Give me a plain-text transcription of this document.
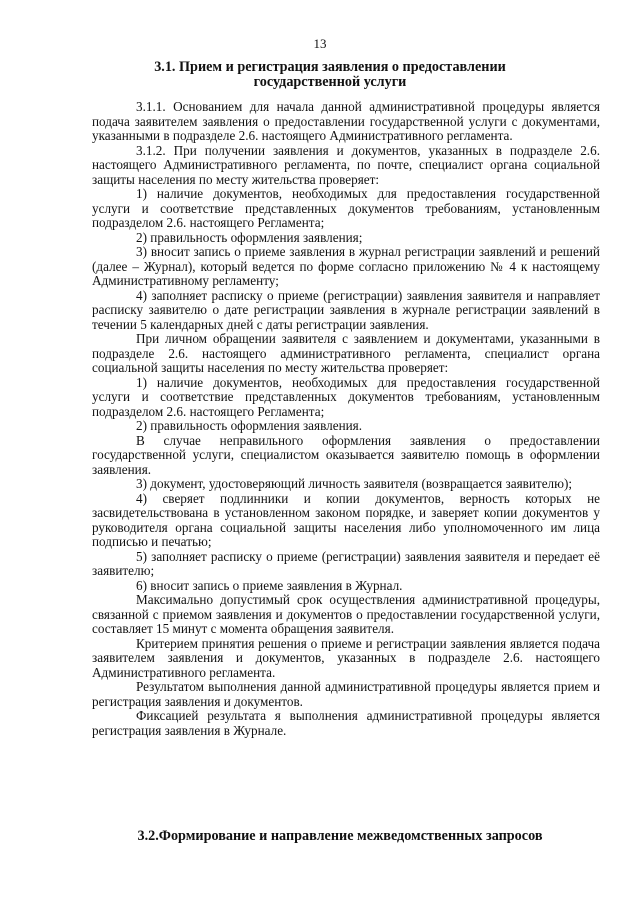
13
3.1. Прием и регистрация заявления о предоставлении
государственной услуги

3.1.1. Основанием для начала данной административной процедуры является подача заявителем заявления о предоставлении государственной услуги с документами, указанными в подразделе 2.6. настоящего Административного регламента.

3.1.2. При получении заявления и документов, указанных в подразделе 2.6. настоящего Административного регламента, по почте, специалист органа социальной защиты населения по месту жительства проверяет:

1) наличие документов, необходимых для предоставления государственной услуги и соответствие представленных документов требованиям, установленным подразделом 2.6. настоящего Регламента;

2) правильность оформления заявления;

3) вносит запись о приеме заявления в журнал регистрации заявлений и решений (далее – Журнал), который ведется по форме согласно приложению № 4 к настоящему Административному регламенту;

4) заполняет расписку о приеме (регистрации) заявления заявителя и направляет расписку заявителю о дате регистрации заявления в журнале регистрации заявлений в течении 5 календарных дней с даты регистрации заявления.

При личном обращении заявителя с заявлением и документами, указанными в подразделе 2.6. настоящего административного регламента, специалист органа социальной защиты населения по месту жительства проверяет:

1) наличие документов, необходимых для предоставления государственной услуги и соответствие представленных документов требованиям, установленным подразделом 2.6. настоящего Регламента;

2) правильность оформления заявления.

В случае неправильного оформления заявления о предоставлении государственной услуги, специалистом оказывается заявителю помощь в оформлении заявления.

3) документ, удостоверяющий личность заявителя (возвращается заявителю);

4) сверяет подлинники и копии документов, верность которых не засвидетельствована в установленном законом порядке, и заверяет копии документов у руководителя органа социальной защиты населения либо уполномоченного им лица подписью и печатью;

5) заполняет расписку о приеме (регистрации) заявления заявителя и передает её заявителю;

6) вносит запись о приеме заявления в Журнал.

Максимально допустимый срок осуществления административной процедуры, связанной с приемом заявления и документов о предоставлении государственной услуги, составляет 15 минут с момента обращения заявителя.

Критерием принятия решения о приеме и регистрации заявления является подача заявителем заявления и документов, указанных в подразделе 2.6. настоящего Административного регламента.

Результатом выполнения данной административной процедуры является прием и регистрация заявления и документов.

Фиксацией результата я выполнения административной процедуры является регистрация заявления в Журнале.

3.2.Формирование и направление межведомственных запросов
